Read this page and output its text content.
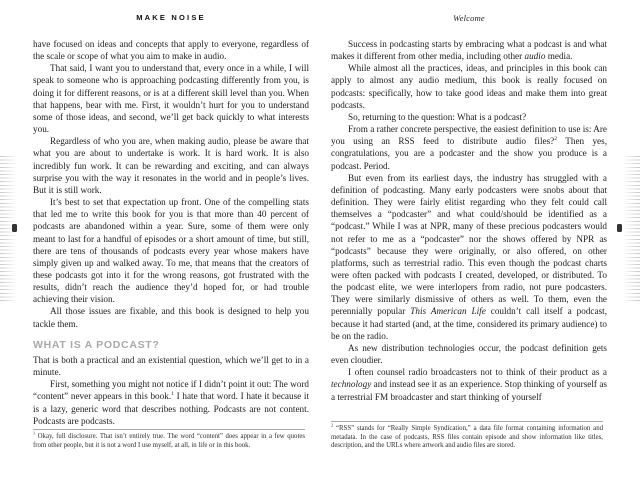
MAKE NOISE

have focused on ideas and concepts that apply to everyone, regardless of the scale or scope of what you aim to make in audio.

That said, I want you to understand that, every once in a while, I will speak to someone who is approaching podcasting differently from you, is doing it for different reasons, or is at a different skill level than you. When that happens, bear with me. First, it wouldn’t hurt for you to understand some of those ideas, and second, we’ll get back quickly to what interests you.

Regardless of who you are, when making audio, please be aware that what you are about to undertake is work. It is hard work. It is also incredibly fun work. It can be rewarding and exciting, and can always surprise you with the way it resonates in the world and in people’s lives. But it is still work.

It’s best to set that expectation up front. One of the compelling stats that led me to write this book for you is that more than 40 percent of podcasts are abandoned within a year. Sure, some of them were only meant to last for a handful of episodes or a short amount of time, but still, there are tens of thousands of podcasts every year whose makers have simply given up and walked away. To me, that means that the creators of these podcasts got into it for the wrong reasons, got frustrated with the results, didn’t reach the audience they’d hoped for, or had trouble achieving their vision.

All those issues are fixable, and this book is designed to help you tackle them.

WHAT IS A PODCAST?

That is both a practical and an existential question, which we’ll get to in a minute.

First, something you might not notice if I didn’t point it out: The word “content” never appears in this book.$^1$ I hate that word. I hate it because it is a lazy, generic word that describes nothing. Podcasts are not content. Podcasts are podcasts.

$^1$ Okay, full disclosure. That isn’t entirely true. The word “content” does appear in a few quotes from other people, but it is not a word I use myself, at all, in life or in this book.
Welcome

Success in podcasting starts by embracing what a podcast is and what makes it different from other media, including other audio media.

While almost all the practices, ideas, and principles in this book can apply to almost any audio medium, this book is really focused on podcasts: specifically, how to take good ideas and make them into great podcasts.

So, returning to the question: What is a podcast?

From a rather concrete perspective, the easiest definition to use is: Are you using an RSS feed to distribute audio files?$^2$ Then yes, congratulations, you are a podcaster and the show you produce is a podcast. Period.

But even from its earliest days, the industry has struggled with a definition of podcasting. Many early podcasters were snobs about that definition. They were fairly elitist regarding who they felt could call themselves a “podcaster” and what could/should be identified as a “podcast.” While I was at NPR, many of these precious podcasters would not refer to me as a “podcaster” nor the shows offered by NPR as “podcasts” because they were originally, or also offered, on other platforms, such as terrestrial radio. This even though the podcast charts were often packed with podcasts I created, developed, or distributed. To the podcast elite, we were interlopers from radio, not pure podcasters. They were similarly dismissive of others as well. To them, even the perennially popular This American Life couldn’t call itself a podcast, because it had started (and, at the time, considered its primary audience) to be on the radio.

As new distribution technologies occur, the podcast definition gets even cloudier.

I often counsel radio broadcasters not to think of their product as a technology and instead see it as an experience. Stop thinking of yourself as a terrestrial FM broadcaster and start thinking of yourself

$^2$ “RSS” stands for “Really Simple Syndication,” a data file format containing information and metadata. In the case of podcasts, RSS files contain episode and show information like titles, description, and the URLs where artwork and audio files are stored.
